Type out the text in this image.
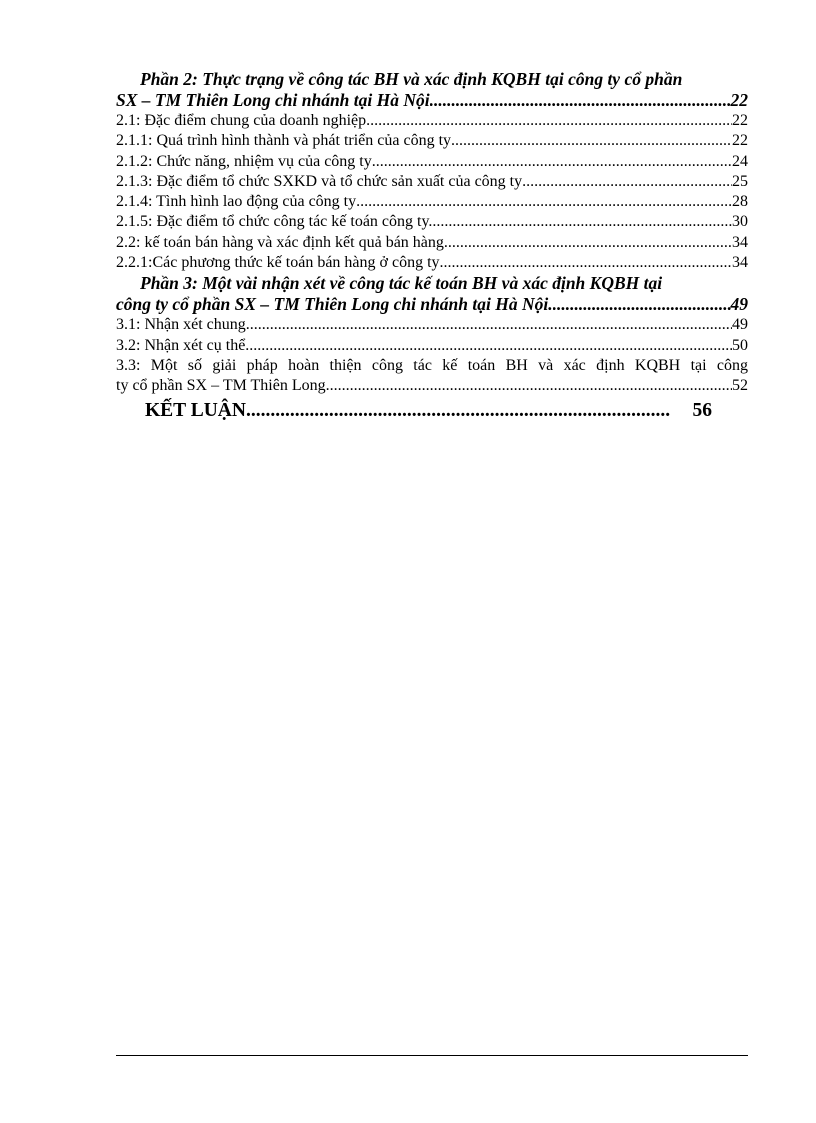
Phần 2: Thực trạng về công tác BH và xác định KQBH tại công ty cổ phần
SX – TM Thiên Long chi nhánh tại Hà Nội .....	22
2.1: Đặc điểm chung của doanh nghiệp .....	22
2.1.1: Quá trình hình thành và phát triển của công ty .....	22
2.1.2: Chức năng, nhiệm vụ của công ty .....	24
2.1.3: Đặc điểm tổ chức SXKD và tổ chức sản xuất của công ty .....	25
2.1.4: Tình hình lao động của công ty .....	28
2.1.5: Đặc điểm tổ chức công tác kế toán công ty. .....	30
2.2: kế toán bán hàng và xác định kết quả bán hàng .....	34
2.2.1:Các phương thức kế toán bán hàng ở công ty .....	34
Phần 3: Một vài nhận xét về công tác kế toán BH và xác định KQBH tại
công ty cổ phần SX – TM Thiên Long chi nhánh tại Hà Nội. .....	49
3.1: Nhận xét chung .....	49
3.2: Nhận xét cụ thể .....	50
3.3: Một số giải pháp hoàn thiện công tác kế toán BH và xác định KQBH tại công
ty cổ phần SX – TM Thiên Long .....	52
KẾT LUẬN .....	56
